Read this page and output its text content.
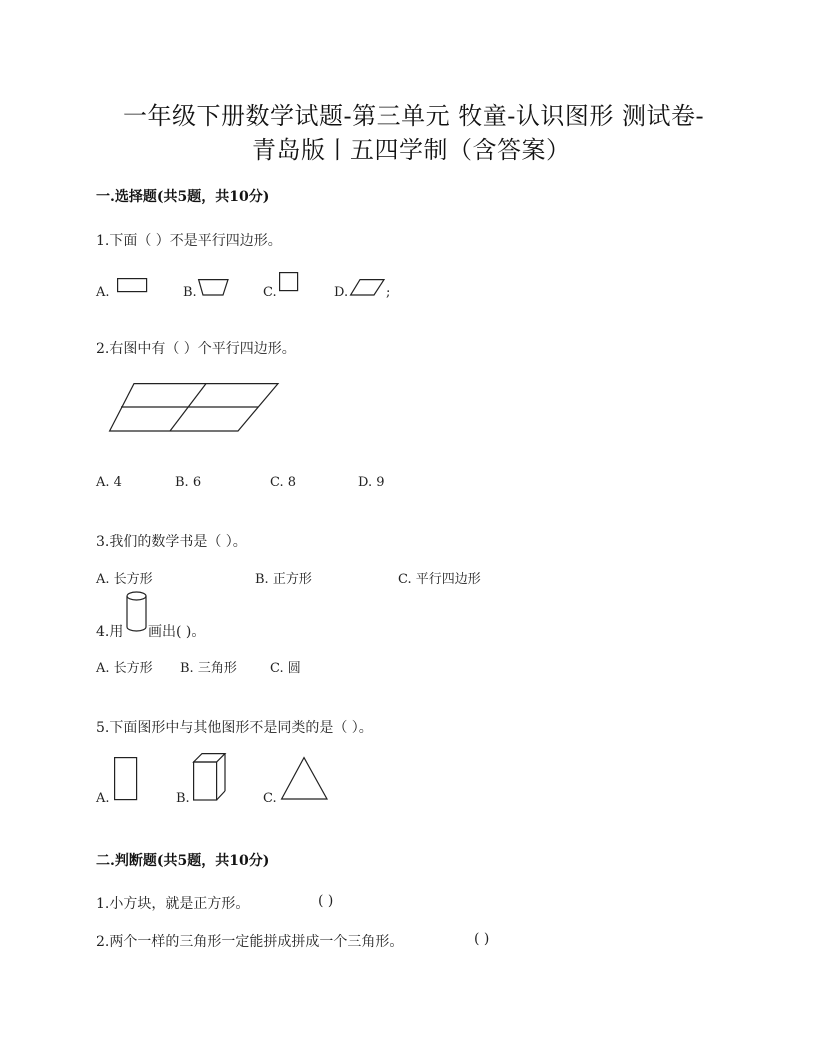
一年级下册数学试题-第三单元 牧童-认识图形 测试卷-
青岛版丨五四学制（含答案）
一.选择题(共5题，共10分)
1.下面（ ）不是平行四边形。
A.	B.	C.	D.	;
2.右图中有（ ）个平行四边形。
A. 4	B. 6	C. 8	D. 9
3.我们的数学书是（ ）。
A. 长方形	B. 正方形	C. 平行四边形
4.用 画出( )。
A. 长方形 B. 三角形	C. 圆
5.下面图形中与其他图形不是同类的是（ ）。
A.	B.	C.
二.判断题(共5题，共10分)
1.小方块，就是正方形。	( )
2.两个一样的三角形一定能拼成拼成一个三角形。	( )
